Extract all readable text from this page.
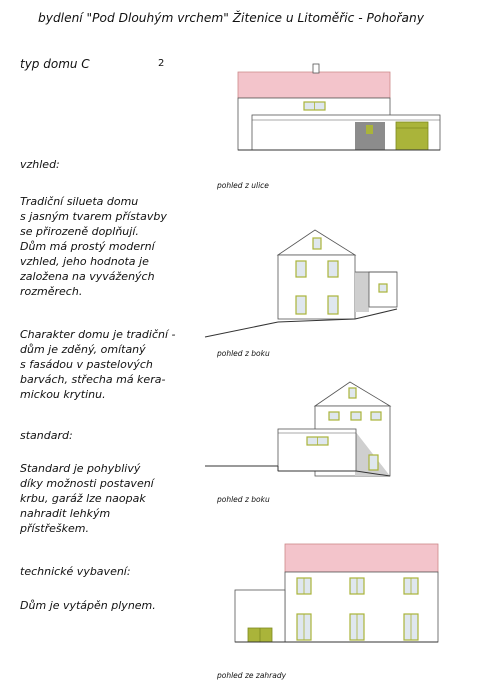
bydlení "Pod Dlouhým vrchem" Žitenice u Litoměřic - Pohořany
typ domu C	2
vzhled:
Tradiční silueta domu
s jasným tvarem přístavby
se přirozeně doplňují.
Dům má prostý moderní
vzhled, jeho hodnota je
založena na vyvážených
rozměrech.
Charakter domu je tradiční -
dům je zděný, omítaný
s fasádou v pastelových
barvách, střecha má kera-
mickou krytinu.
standard:
Standard je pohyblivý
díky možnosti postavení
krbu, garáž lze naopak
nahradit lehkým
přístřeškem.
technické vybavení:
Dům je vytápěn plynem.
pohled z ulice
pohled z boku
pohled z boku
pohled ze zahrady
